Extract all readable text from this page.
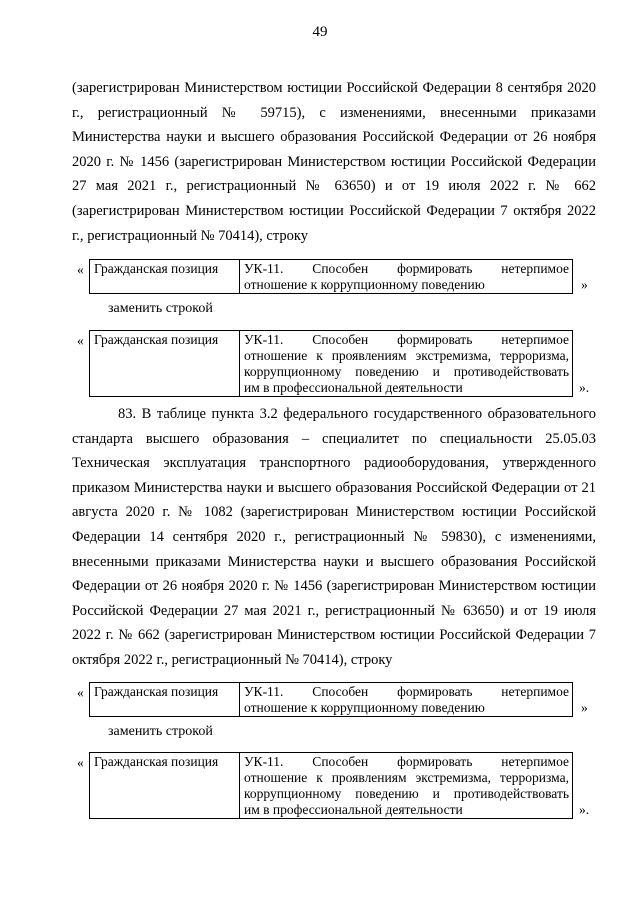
49
(зарегистрирован Министерством юстиции Российской Федерации 8 сентября 2020 г., регистрационный № 59715), с изменениями, внесенными приказами Министерства науки и высшего образования Российской Федерации от 26 ноября 2020 г. № 1456 (зарегистрирован Министерством юстиции Российской Федерации 27 мая 2021 г., регистрационный № 63650) и от 19 июля 2022 г. № 662 (зарегистрирован Министерством юстиции Российской Федерации 7 октября 2022 г., регистрационный № 70414), строку
« Гражданская позиция	УК-11. Способен формировать нетерпимое
отношение к коррупционному поведению	»
заменить строкой
« Гражданская позиция	УК-11. Способен формировать нетерпимое
отношение к проявлениям экстремизма, терроризма,
коррупционному поведению и противодействовать
им в профессиональной деятельности	».
83. В таблице пункта 3.2 федерального государственного образовательного стандарта высшего образования – специалитет по специальности 25.05.03 Техническая эксплуатация транспортного радиооборудования, утвержденного приказом Министерства науки и высшего образования Российской Федерации от 21 августа 2020 г. № 1082 (зарегистрирован Министерством юстиции Российской Федерации 14 сентября 2020 г., регистрационный № 59830), с изменениями, внесенными приказами Министерства науки и высшего образования Российской Федерации от 26 ноября 2020 г. № 1456 (зарегистрирован Министерством юстиции Российской Федерации 27 мая 2021 г., регистрационный № 63650) и от 19 июля 2022 г. № 662 (зарегистрирован Министерством юстиции Российской Федерации 7 октября 2022 г., регистрационный № 70414), строку
« Гражданская позиция	УК-11. Способен формировать нетерпимое
отношение к коррупционному поведению	»
заменить строкой
« Гражданская позиция	УК-11. Способен формировать нетерпимое
отношение к проявлениям экстремизма, терроризма,
коррупционному поведению и противодействовать
им в профессиональной деятельности	».
